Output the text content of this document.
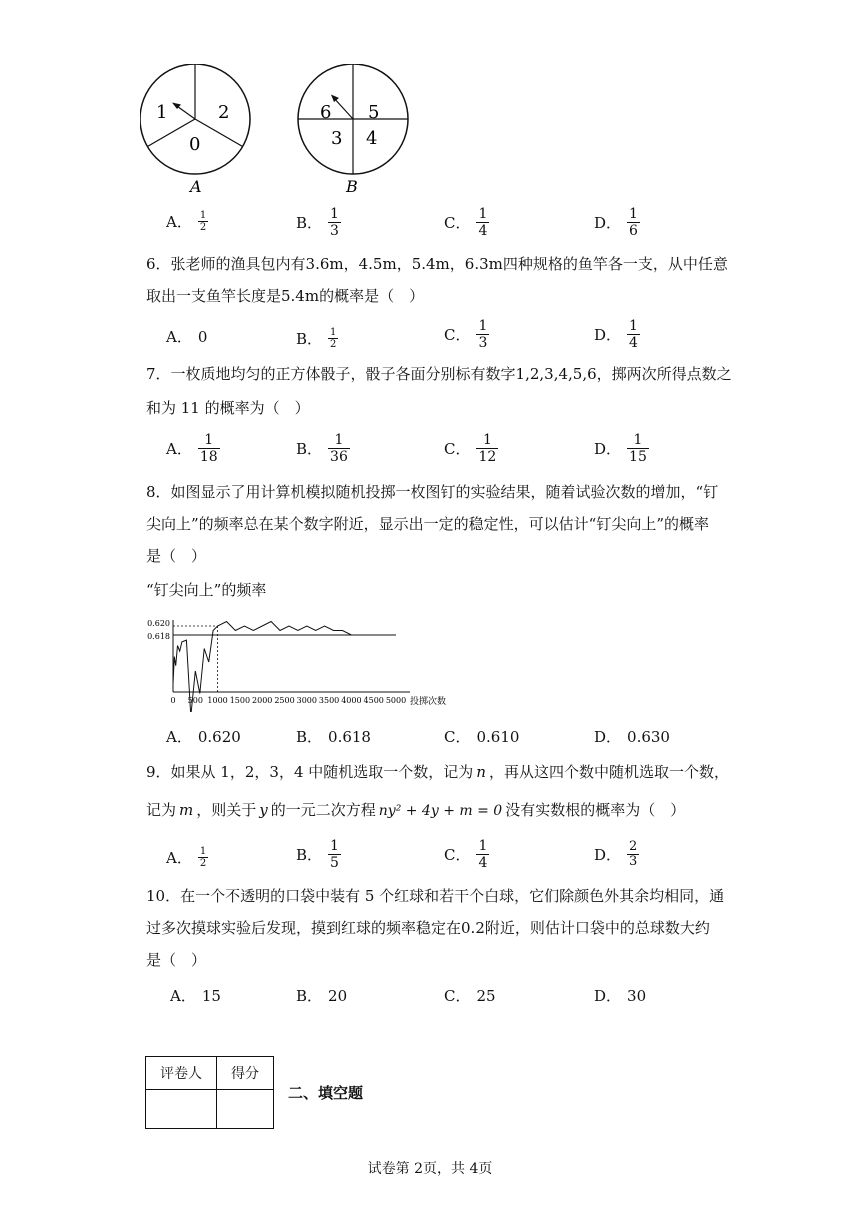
1	2
0
A
6 5
3 4
B
A． $\frac{1}{2}$	B． $\frac{1}{3}$	C． $\frac{1}{4}$	D． $\frac{1}{6}$
6．张老师的渔具包内有3.6m，4.5m，5.4m，6.3m四种规格的鱼竿各一支，从中任意
取出一支鱼竿长度是5.4m的概率是（　）
A． 0	B． $\frac{1}{2}$	C． $\frac{1}{3}$	D． $\frac{1}{4}$
7．一枚质地均匀的正方体骰子，骰子各面分别标有数字1,2,3,4,5,6，掷两次所得点数之
和为 11 的概率为（　）
A． $\frac{1}{18}$	B． $\frac{1}{36}$	C． $\frac{1}{12}$	D． $\frac{1}{15}$
8．如图显示了用计算机模拟随机投掷一枚图钉的实验结果，随着试验次数的增加，“钉
尖向上”的频率总在某个数字附近，显示出一定的稳定性，可以估计“钉尖向上”的概率
是（　）
“钉尖向上”的频率
0.618
0.620
0 500 1000 1500 2000 2500 3000 3500 4000 4500 5000 投掷次数
A． 0.620	B． 0.618	C． 0.610	D． 0.630
9．如果从 1，2，3，4 中随机选取一个数，记为 n ，再从这四个数中随机选取一个数，
记为 m ，则关于 y 的一元二次方程 ny² + 4y + m = 0 没有实数根的概率为（　）
A． $\frac{1}{2}$	B． $\frac{1}{5}$	C． $\frac{1}{4}$	D． $\frac{2}{3}$
10．在一个不透明的口袋中装有 5 个红球和若干个白球，它们除颜色外其余均相同，通
过多次摸球实验后发现，摸到红球的频率稳定在0.2附近，则估计口袋中的总球数大约
是（　）
A． 15	B． 20	C． 25	D． 30
评卷人	得分

二、填空题
试卷第 2页，共 4页
